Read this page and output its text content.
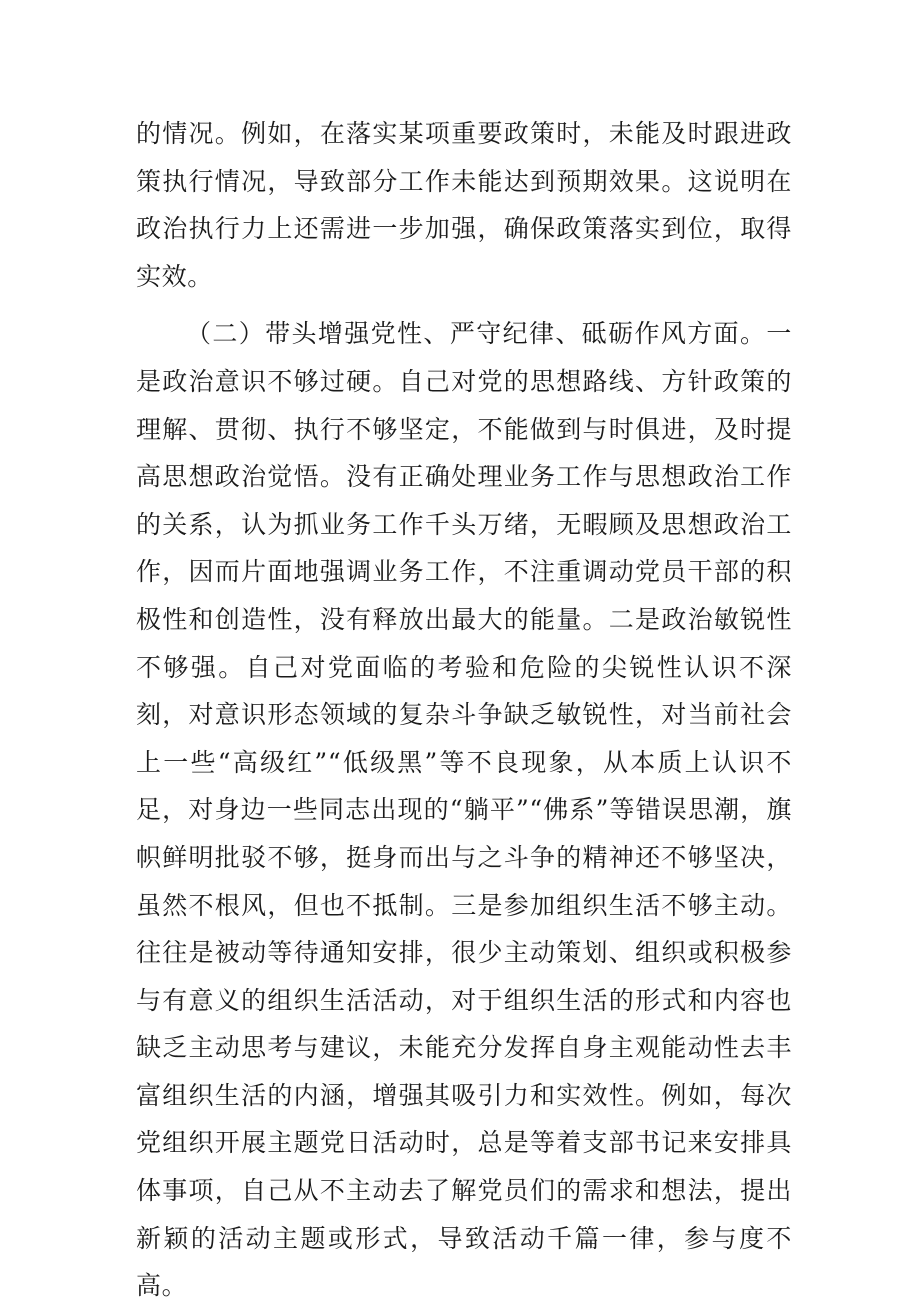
的情况。例如，在落实某项重要政策时，未能及时跟进政策执行情况，导致部分工作未能达到预期效果。这说明在政治执行力上还需进一步加强，确保政策落实到位，取得实效。

（二）带头增强党性、严守纪律、砥砺作风方面。一是政治意识不够过硬。自己对党的思想路线、方针政策的理解、贯彻、执行不够坚定，不能做到与时俱进，及时提高思想政治觉悟。没有正确处理业务工作与思想政治工作的关系，认为抓业务工作千头万绪，无暇顾及思想政治工作，因而片面地强调业务工作，不注重调动党员干部的积极性和创造性，没有释放出最大的能量。二是政治敏锐性不够强。自己对党面临的考验和危险的尖锐性认识不深刻，对意识形态领域的复杂斗争缺乏敏锐性，对当前社会上一些“高级红”“低级黑”等不良现象，从本质上认识不足，对身边一些同志出现的“躺平”“佛系”等错误思潮，旗帜鲜明批驳不够，挺身而出与之斗争的精神还不够坚决，虽然不根风，但也不抵制。三是参加组织生活不够主动。往往是被动等待通知安排，很少主动策划、组织或积极参与有意义的组织生活活动，对于组织生活的形式和内容也缺乏主动思考与建议，未能充分发挥自身主观能动性去丰富组织生活的内涵，增强其吸引力和实效性。例如，每次党组织开展主题党日活动时，总是等着支部书记来安排具体事项，自己从不主动去了解党员们的需求和想法，提出新颖的活动主题或形式，导致活动千篇一律，参与度不高。
